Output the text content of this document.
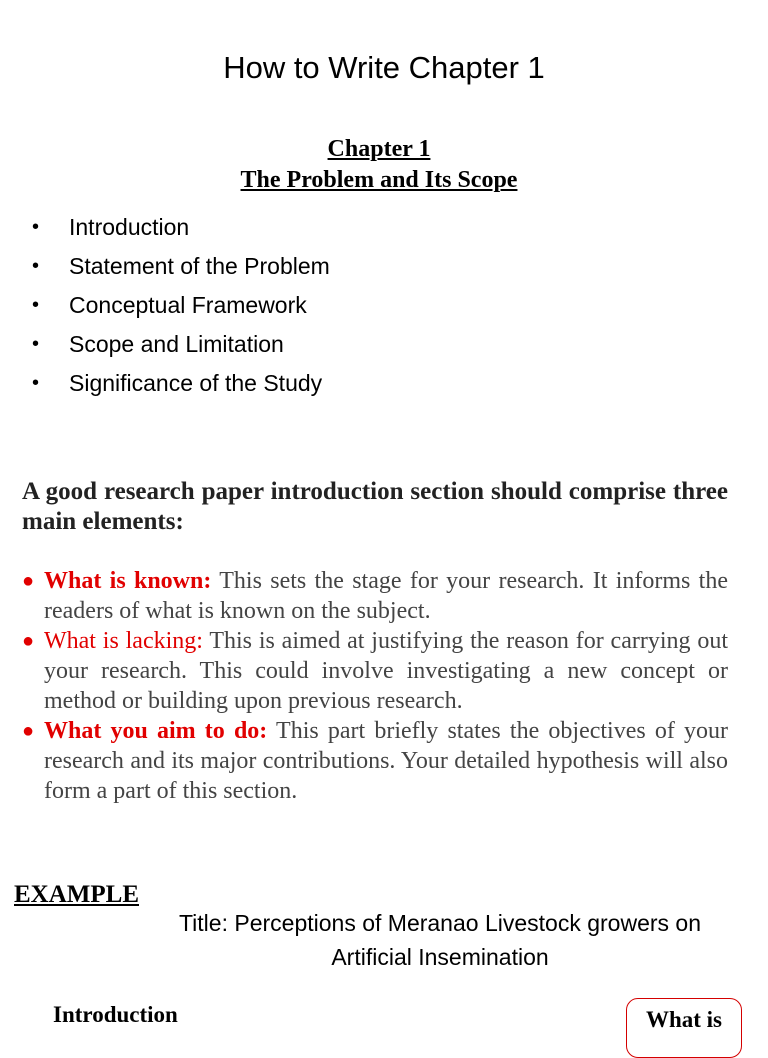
How to Write Chapter 1
Chapter 1
The Problem and Its Scope
• Introduction
• Statement of the Problem
• Conceptual Framework
• Scope and Limitation
• Significance of the Study

A good research paper introduction section should comprise three main elements:

● What is known: This sets the stage for your research. It informs the readers of what is known on the subject.
● What is lacking: This is aimed at justifying the reason for carrying out your research. This could involve investigating a new concept or method or building upon previous research.
● What you aim to do: This part briefly states the objectives of your research and its major contributions. Your detailed hypothesis will also form a part of this section.
EXAMPLE
Title: Perceptions of Meranao Livestock growers on Artificial Insemination
Introduction	What is
